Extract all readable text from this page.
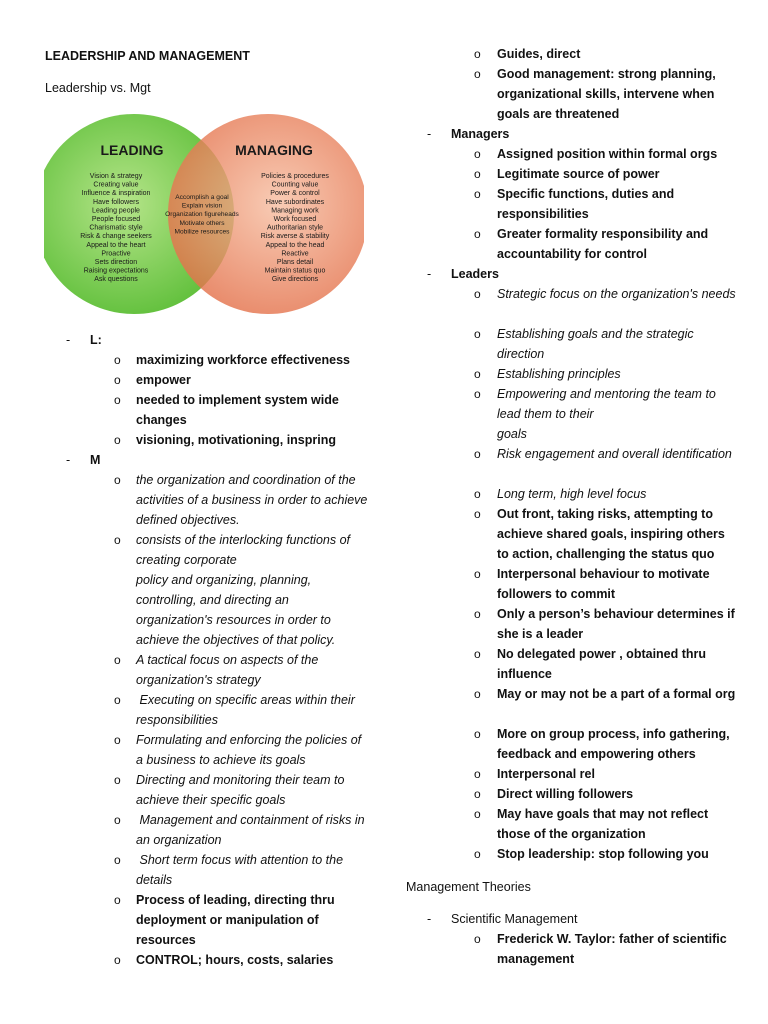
LEADERSHIP AND MANAGEMENT
Leadership vs. Mgt
LEADING	MANAGING
Vision & strategy
Creating value
Influence & inspiration
Have followers
Leading people
People focused
Charismatic style
Risk & change seekers
Appeal to the heart
Proactive
Sets direction
Raising expectations
Ask questions
Accomplish a goal
Explain vision
Organization figureheads
Motivate others
Mobilize resources
Policies & procedures
Counting value
Power & control
Have subordinates
Managing work
Work focused
Authoritarian style
Risk averse & stability
Appeal to the head
Reactive
Plans detail
Maintain status quo
Give directions
- L:
o maximizing workforce effectiveness
o empower
o needed to implement system wide changes
o visioning, motivationing, inspring
- M
o the organization and coordination of the activities of a business in order to achieve defined objectives.
o consists of the interlocking functions of creating corporate
policy and organizing, planning, controlling, and directing an organization's resources in order to achieve the objectives of that policy.
o A tactical focus on aspects of the organization's strategy
o Executing on specific areas within their responsibilities
o Formulating and enforcing the policies of a business to achieve its goals
o Directing and monitoring their team to achieve their specific goals
o Management and containment of risks in an organization
o Short term focus with attention to the details
o Process of leading, directing thru deployment or manipulation of resources
o CONTROL; hours, costs, salaries
o Guides, direct
o Good management: strong planning, organizational skills, intervene when goals are threatened
- Managers
o Assigned position within formal orgs
o Legitimate source of power
o Specific functions, duties and responsibilities
o Greater formality responsibility and accountability for control
- Leaders
o Strategic focus on the organization's needs
o Establishing goals and the strategic direction
o Establishing principles
o Empowering and mentoring the team to lead them to their
goals
o Risk engagement and overall identification
o Long term, high level focus
o Out front, taking risks, attempting to achieve shared goals, inspiring others to action, challenging the status quo
o Interpersonal behaviour to motivate followers to commit
o Only a person’s behaviour determines if she is a leader
o No delegated power , obtained thru influence
o May or may not be a part of a formal org
o More on group process, info gathering, feedback and empowering others
o Interpersonal rel
o Direct willing followers
o May have goals that may not reflect those of the organization
o Stop leadership: stop following you
Management Theories
- Scientific Management
o Frederick W. Taylor: father of scientific management
